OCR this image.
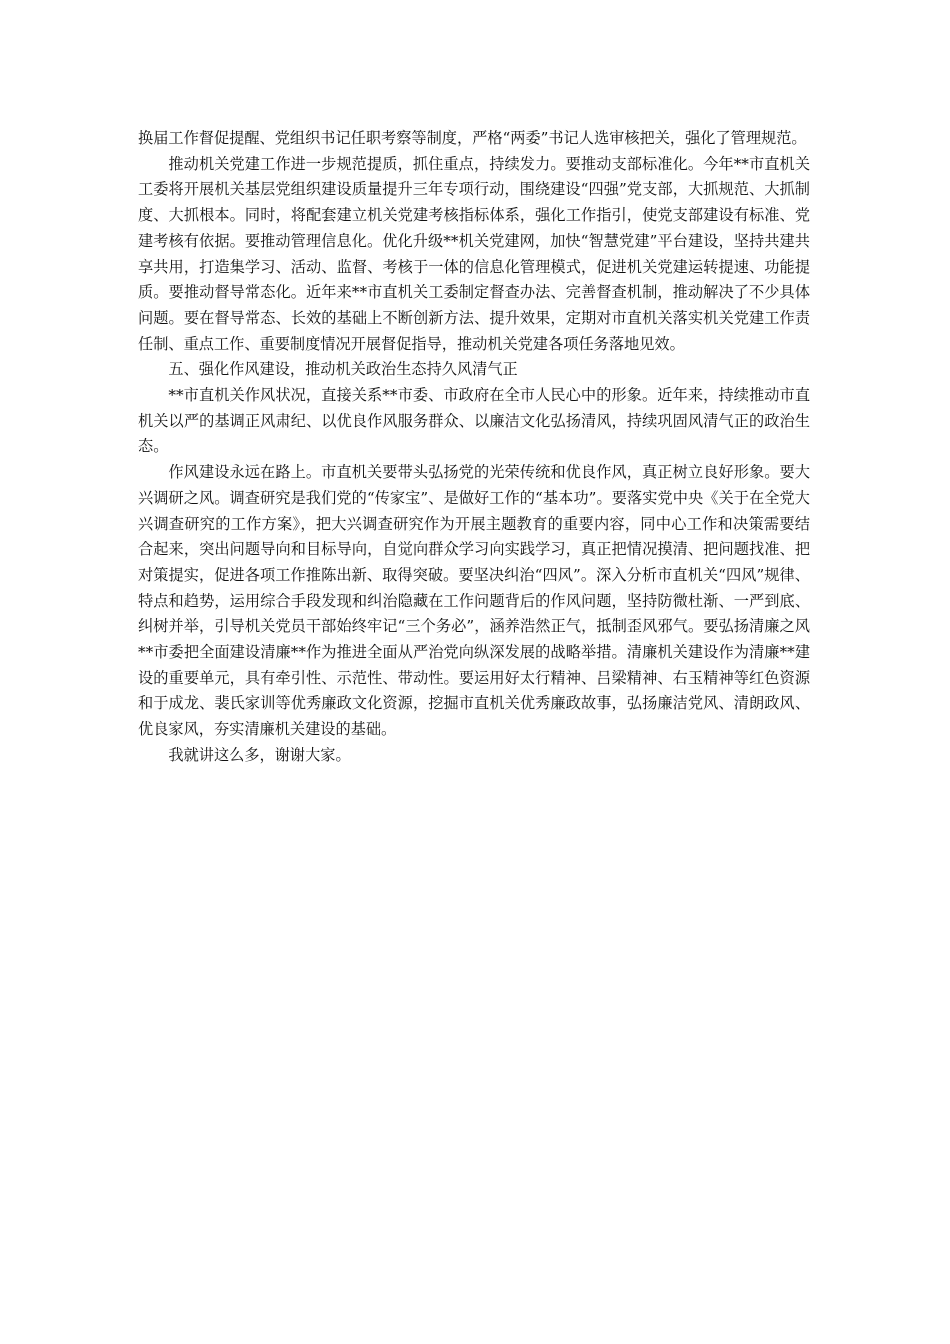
换届工作督促提醒、党组织书记任职考察等制度，严格“两委”书记人选审核把关，强化了管理规范。

推动机关党建工作进一步规范提质，抓住重点，持续发力。要推动支部标准化。今年**市直机关工委将开展机关基层党组织建设质量提升三年专项行动，围绕建设“四强”党支部，大抓规范、大抓制度、大抓根本。同时，将配套建立机关党建考核指标体系，强化工作指引，使党支部建设有标准、党建考核有依据。要推动管理信息化。优化升级**机关党建网，加快“智慧党建”平台建设，坚持共建共享共用，打造集学习、活动、监督、考核于一体的信息化管理模式，促进机关党建运转提速、功能提质。要推动督导常态化。近年来**市直机关工委制定督查办法、完善督查机制，推动解决了不少具体问题。要在督导常态、长效的基础上不断创新方法、提升效果，定期对市直机关落实机关党建工作责任制、重点工作、重要制度情况开展督促指导，推动机关党建各项任务落地见效。

五、强化作风建设，推动机关政治生态持久风清气正

**市直机关作风状况，直接关系**市委、市政府在全市人民心中的形象。近年来，持续推动市直机关以严的基调正风肃纪、以优良作风服务群众、以廉洁文化弘扬清风，持续巩固风清气正的政治生态。

作风建设永远在路上。市直机关要带头弘扬党的光荣传统和优良作风，真正树立良好形象。要大兴调研之风。调查研究是我们党的“传家宝”、是做好工作的“基本功”。要落实党中央《关于在全党大兴调查研究的工作方案》，把大兴调查研究作为开展主题教育的重要内容，同中心工作和决策需要结合起来，突出问题导向和目标导向，自觉向群众学习向实践学习，真正把情况摸清、把问题找准、把对策提实，促进各项工作推陈出新、取得突破。要坚决纠治“四风”。深入分析市直机关“四风”规律、特点和趋势，运用综合手段发现和纠治隐藏在工作问题背后的作风问题，坚持防微杜渐、一严到底、纠树并举，引导机关党员干部始终牢记“三个务必”，涵养浩然正气，抵制歪风邪气。要弘扬清廉之风**市委把全面建设清廉**作为推进全面从严治党向纵深发展的战略举措。清廉机关建设作为清廉**建设的重要单元，具有牵引性、示范性、带动性。要运用好太行精神、吕梁精神、右玉精神等红色资源和于成龙、裴氏家训等优秀廉政文化资源，挖掘市直机关优秀廉政故事，弘扬廉洁党风、清朗政风、优良家风，夯实清廉机关建设的基础。

我就讲这么多，谢谢大家。
